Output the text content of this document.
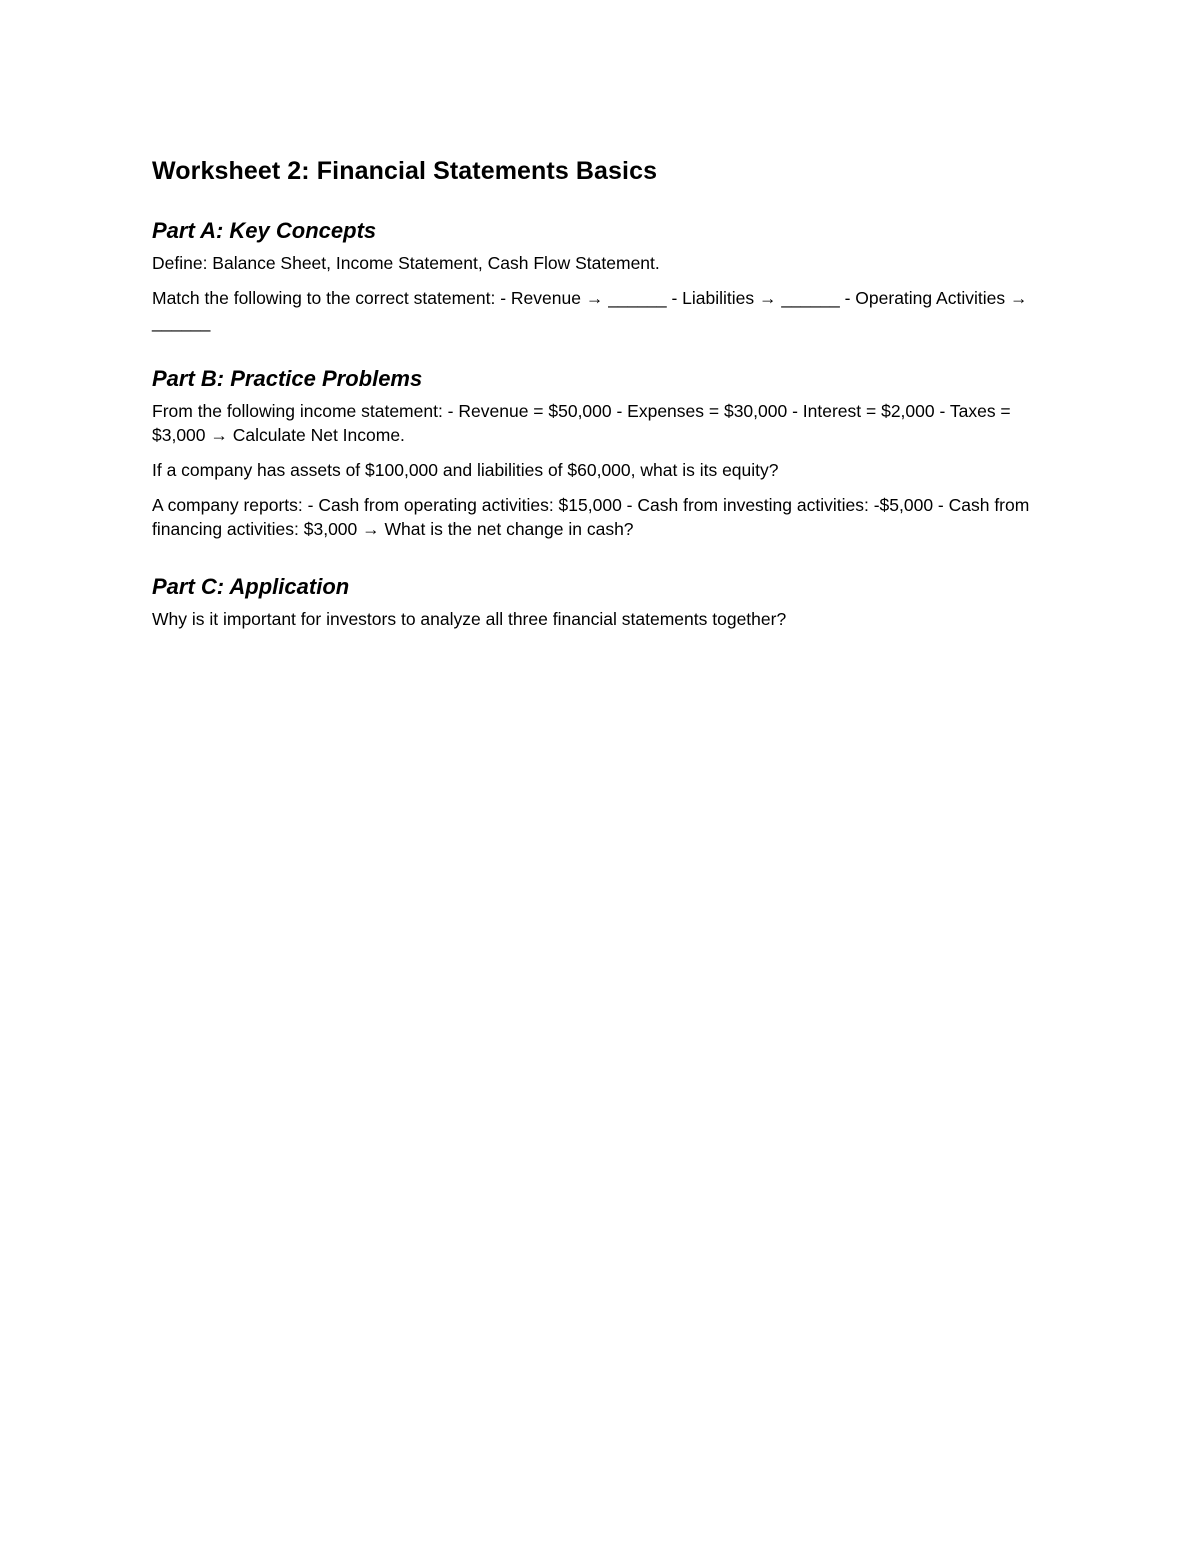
Worksheet 2: Financial Statements Basics
Part A: Key Concepts

Define: Balance Sheet, Income Statement, Cash Flow Statement.

Match the following to the correct statement: - Revenue → ______ - Liabilities → ______ - Operating Activities → ______

Part B: Practice Problems

From the following income statement: - Revenue = $50,000 - Expenses = $30,000 - Interest = $2,000 - Taxes = $3,000 → Calculate Net Income.

If a company has assets of $100,000 and liabilities of $60,000, what is its equity?

A company reports: - Cash from operating activities: $15,000 - Cash from investing activities: -$5,000 - Cash from financing activities: $3,000 → What is the net change in cash?

Part C: Application

Why is it important for investors to analyze all three financial statements together?
